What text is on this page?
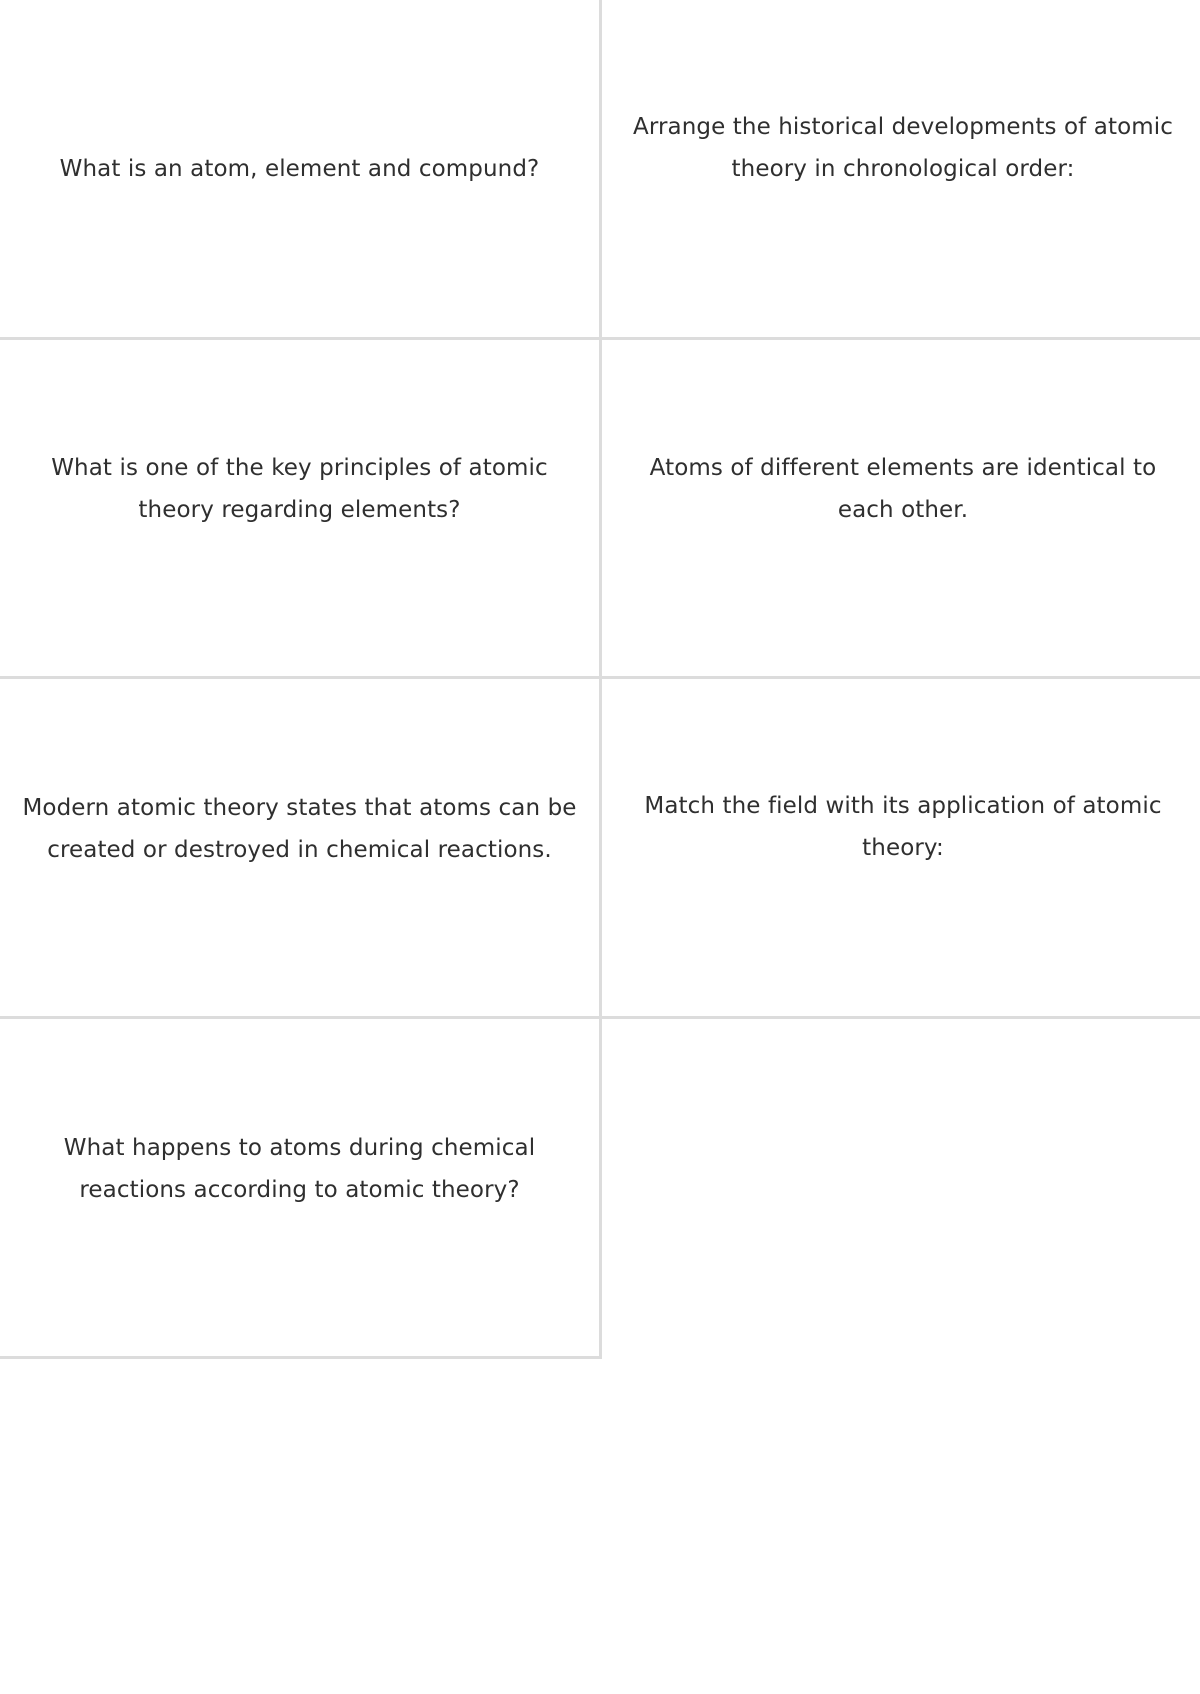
What is an atom, element and compund?
Arrange the historical developments of atomic theory in chronological order:
What is one of the key principles of atomic theory regarding elements?
Atoms of different elements are identical to each other.
Modern atomic theory states that atoms can be created or destroyed in chemical reactions.
Match the field with its application of atomic theory:
What happens to atoms during chemical reactions according to atomic theory?
